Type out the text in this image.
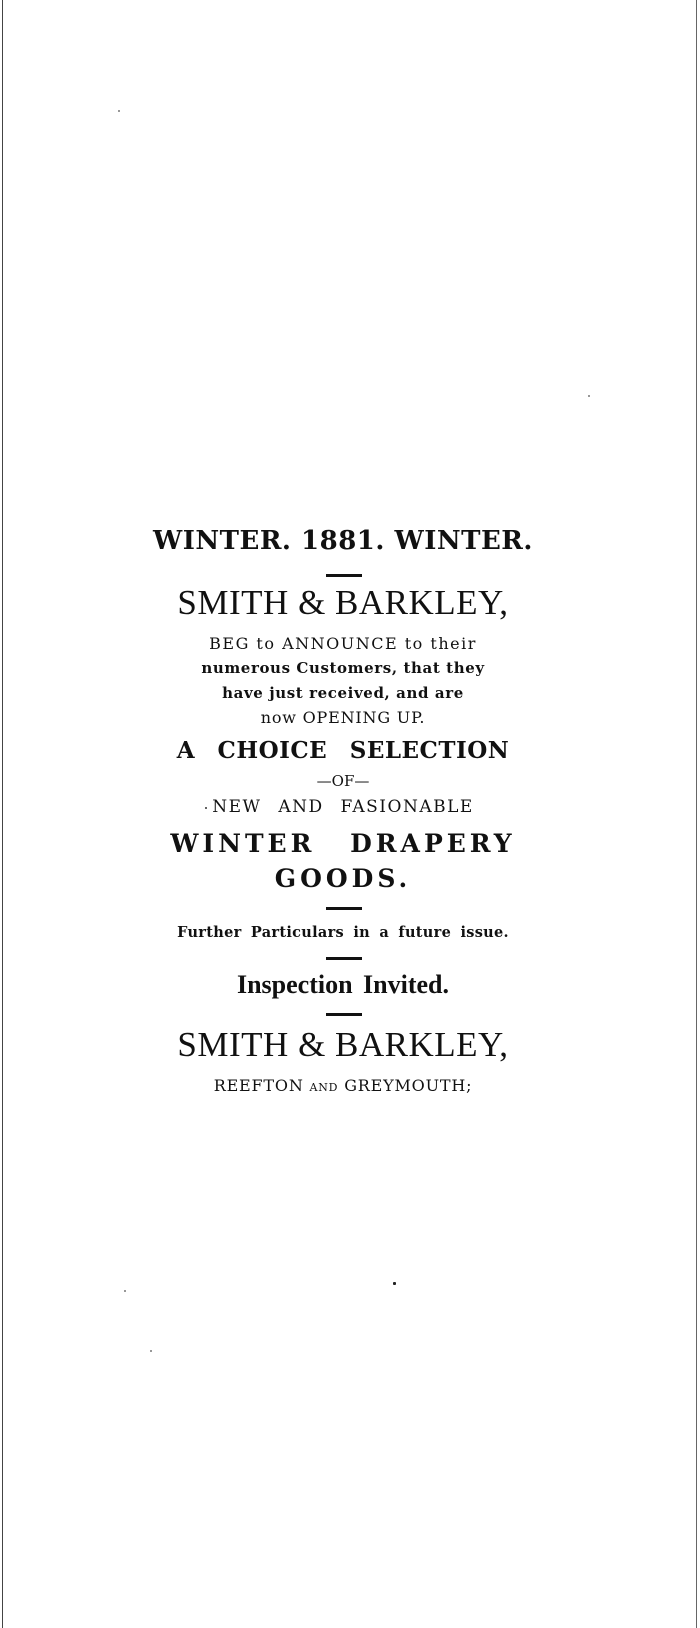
WINTER. 1881. WINTER.
SMITH & BARKLEY,
BEG to ANNOUNCE to their
numerous Customers, that they
have just received, and are
now OPENING UP.
A CHOICE SELECTION
—OF—
NEW AND FASIONABLE
WINTER DRAPERY
GOODS.
Further Particulars in a future issue.
Inspection Invited.
SMITH & BARKLEY,
REEFTON AND GREYMOUTH;
